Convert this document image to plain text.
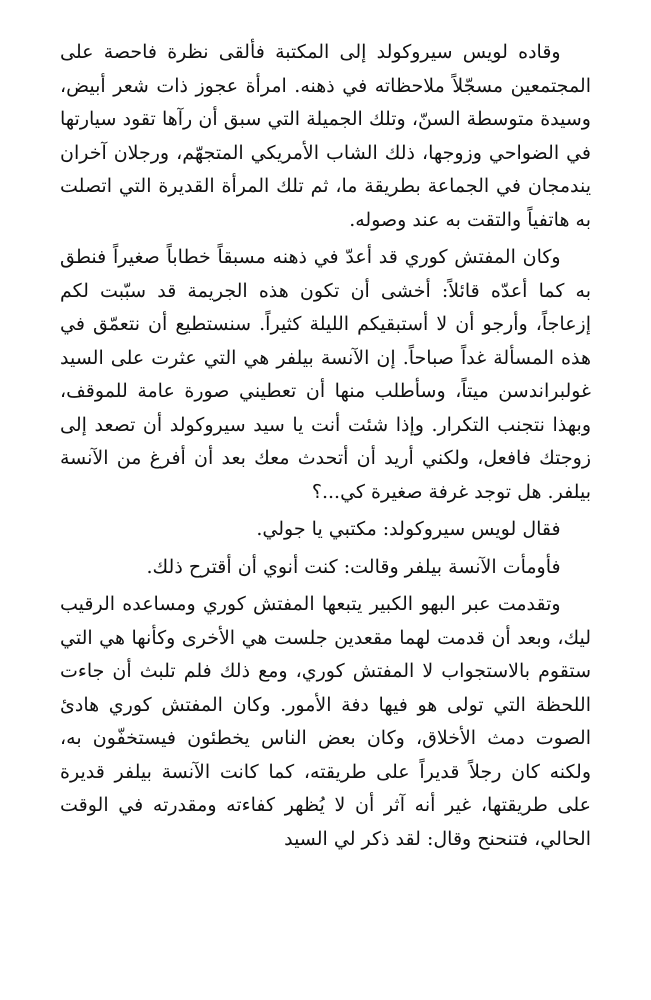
وقاده لويس سيروكولد إلى المكتبة فألقى نظرة فاحصة على المجتمعين مسجّلاً ملاحظاته في ذهنه. امرأة عجوز ذات شعر أبيض، وسيدة متوسطة السنّ، وتلك الجميلة التي سبق أن رآها تقود سيارتها في الضواحي وزوجها، ذلك الشاب الأمريكي المتجهّم، ورجلان آخران يندمجان في الجماعة بطريقة ما، ثم تلك المرأة القديرة التي اتصلت به هاتفياً والتقت به عند وصوله.

وكان المفتش كوري قد أعدّ في ذهنه مسبقاً خطاباً صغيراً فنطق به كما أعدّه قائلاً: أخشى أن تكون هذه الجريمة قد سبّبت لكم إزعاجاً، وأرجو أن لا أستبقيكم الليلة كثيراً. سنستطيع أن نتعمّق في هذه المسألة غداً صباحاً. إن الآنسة بيلفر هي التي عثرت على السيد غولبراندسن ميتاً، وسأطلب منها أن تعطيني صورة عامة للموقف، وبهذا نتجنب التكرار. وإذا شئت أنت يا سيد سيروكولد أن تصعد إلى زوجتك فافعل، ولكني أريد أن أتحدث معك بعد أن أفرغ من الآنسة بيلفر. هل توجد غرفة صغيرة كي...؟

فقال لويس سيروكولد: مكتبي يا جولي.

فأومأت الآنسة بيلفر وقالت: كنت أنوي أن أقترح ذلك.

وتقدمت عبر البهو الكبير يتبعها المفتش كوري ومساعده الرقيب ليك، وبعد أن قدمت لهما مقعدين جلست هي الأخرى وكأنها هي التي ستقوم بالاستجواب لا المفتش كوري، ومع ذلك فلم تلبث أن جاءت اللحظة التي تولى هو فيها دفة الأمور. وكان المفتش كوري هادئ الصوت دمث الأخلاق، وكان بعض الناس يخطئون فيستخفّون به، ولكنه كان رجلاً قديراً على طريقته، كما كانت الآنسة بيلفر قديرة على طريقتها، غير أنه آثر أن لا يُظهر كفاءته ومقدرته في الوقت الحالي، فتنحنح وقال: لقد ذكر لي السيد
